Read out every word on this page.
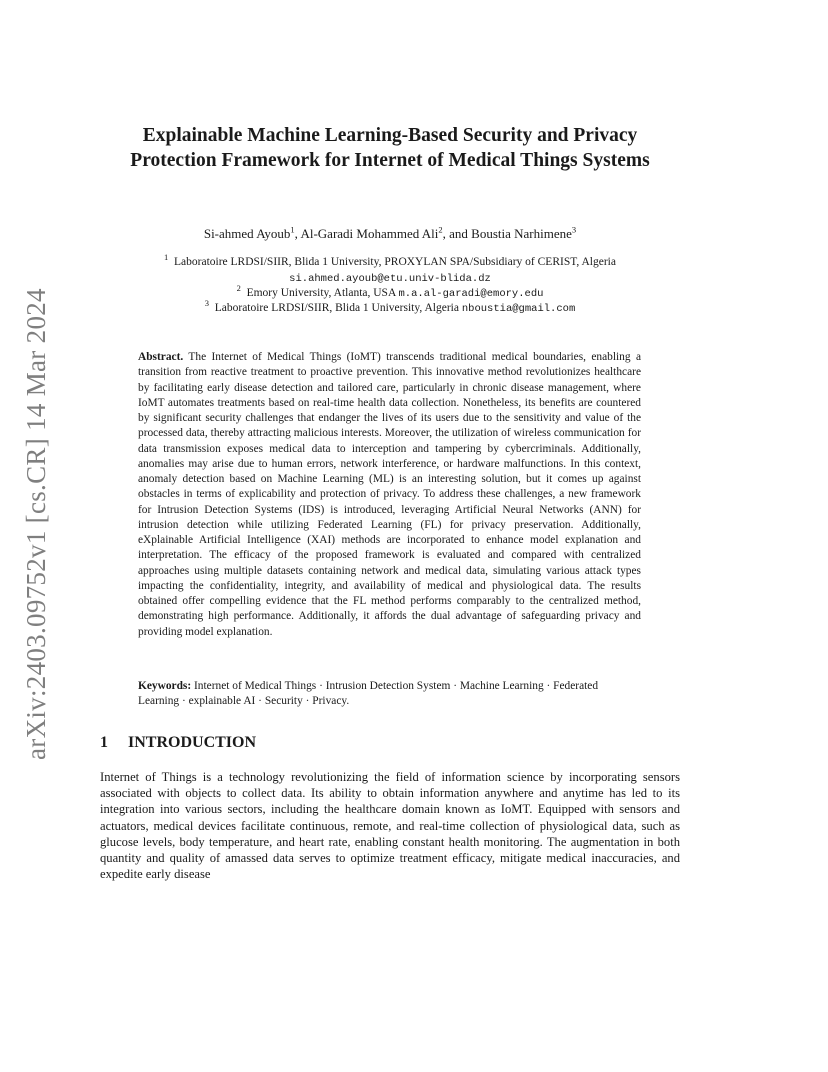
arXiv:2403.09752v1 [cs.CR] 14 Mar 2024
Explainable Machine Learning-Based Security and Privacy Protection Framework for Internet of Medical Things Systems
Si-ahmed Ayoub$^1$, Al-Garadi Mohammed Ali$^2$, and Boustia Narhimene$^3$
$^1$ Laboratoire LRDSI/SIIR, Blida 1 University, PROXYLAN SPA/Subsidiary of CERIST, Algeria
si.ahmed.ayoub@etu.univ-blida.dz
$^2$ Emory University, Atlanta, USA m.a.al-garadi@emory.edu
$^3$ Laboratoire LRDSI/SIIR, Blida 1 University, Algeria nboustia@gmail.com
Abstract. The Internet of Medical Things (IoMT) transcends traditional medical boundaries, enabling a transition from reactive treatment to proactive prevention. This innovative method revolutionizes healthcare by facilitating early disease detection and tailored care, particularly in chronic disease management, where IoMT automates treatments based on real-time health data collection. Nonetheless, its benefits are countered by significant security challenges that endanger the lives of its users due to the sensitivity and value of the processed data, thereby attracting malicious interests. Moreover, the utilization of wireless communication for data transmission exposes medical data to interception and tampering by cybercriminals. Additionally, anomalies may arise due to human errors, network interference, or hardware malfunctions. In this context, anomaly detection based on Machine Learning (ML) is an interesting solution, but it comes up against obstacles in terms of explicability and protection of privacy. To address these challenges, a new framework for Intrusion Detection Systems (IDS) is introduced, leveraging Artificial Neural Networks (ANN) for intrusion detection while utilizing Federated Learning (FL) for privacy preservation. Additionally, eXplainable Artificial Intelligence (XAI) methods are incorporated to enhance model explanation and interpretation. The efficacy of the proposed framework is evaluated and compared with centralized approaches using multiple datasets containing network and medical data, simulating various attack types impacting the confidentiality, integrity, and availability of medical and physiological data. The results obtained offer compelling evidence that the FL method performs comparably to the centralized method, demonstrating high performance. Additionally, it affords the dual advantage of safeguarding privacy and providing model explanation.
Keywords: Internet of Medical Things · Intrusion Detection System · Machine Learning · Federated Learning · explainable AI · Security · Privacy.
1 INTRODUCTION
Internet of Things is a technology revolutionizing the field of information science by incorporating sensors associated with objects to collect data. Its ability to obtain information anywhere and anytime has led to its integration into various sectors, including the healthcare domain known as IoMT. Equipped with sensors and actuators, medical devices facilitate continuous, remote, and real-time collection of physiological data, such as glucose levels, body temperature, and heart rate, enabling constant health monitoring. The augmentation in both quantity and quality of amassed data serves to optimize treatment efficacy, mitigate medical inaccuracies, and expedite early disease
